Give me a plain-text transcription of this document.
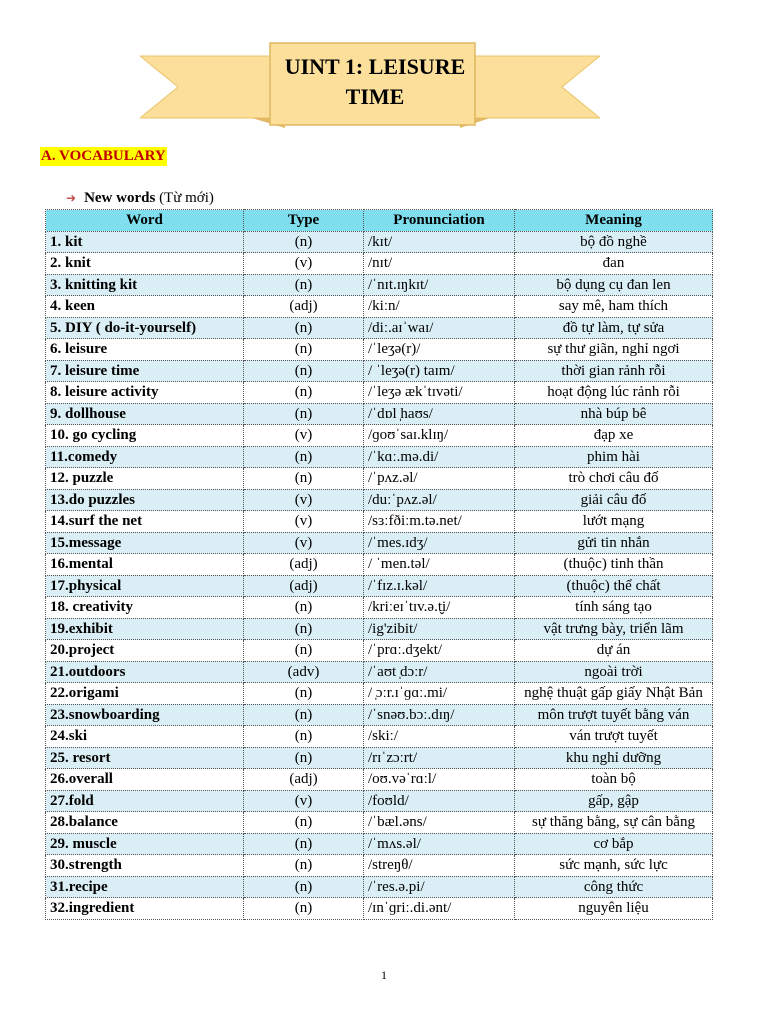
UINT 1: LEISURE
TIME
A. VOCABULARY
➜ New words (Từ mới)
Word	Type	Pronunciation	Meaning
1. kit	(n)	/kɪt/	bộ đồ nghề
2. knit	(v)	/nɪt/	đan
3. knitting kit	(n)	/ˈnɪt.ɪŋkɪt/	bộ dụng cụ đan len
4. keen	(adj)	/kiːn/	say mê, ham thích
5. DIY ( do-it-yourself)	(n)	/diː.aɪˈwaɪ/	đồ tự làm, tự sửa
6. leisure	(n)	/ˈleʒə(r)/	sự thư giãn, nghỉ ngơi
7. leisure time	(n)	/ ˈleʒə(r) taɪm/	thời gian rảnh rỗi
8. leisure activity	(n)	/ˈleʒə ækˈtɪvəti/	hoạt động lúc rảnh rỗi
9. dollhouse	(n)	/ˈdɒl ̩haʊs/	nhà búp bê
10. go cycling	(v)	/ɡoʊˈsaɪ.klɪŋ/	đạp xe
11.comedy	(n)	/ˈkɑː.mə.di/	phim hài
12. puzzle	(n)	/ˈpʌz.əl/	trò chơi câu đố
13.do puzzles	(v)	/duːˈpʌz.əl/	giải câu đố
14.surf the net	(v)	/sɜːfðiːm.tə.net/	lướt mạng
15.message	(v)	/ˈmes.ɪdʒ/	gửi tin nhắn
16.mental	(adj)	/ ˈmen.təl/	(thuộc) tinh thần
17.physical	(adj)	/ˈfɪz.ɪ.kəl/	(thuộc) thể chất
18. creativity	(n)	/kriːeɪˈtɪv.ə.t̬i/	tính sáng tạo
19.exhibit	(n)	/ig'zibit/	vật trưng bày, triển lãm
20.project	(n)	/ˈprɑː.dʒekt/	dự án
21.outdoors	(adv)	/ˈaʊt ̩dɔːr/	ngoài trời
22.origami	(n)	/ ̩ɔːr.ɪˈɡɑː.mi/	nghệ thuật gấp giấy Nhật Bản
23.snowboarding	(n)	/ˈsnəʊ.bɔː.dɪŋ/	môn trượt tuyết bằng ván
24.ski	(n)	/skiː/	ván trượt tuyết
25. resort	(n)	/rɪˈzɔːrt/	khu nghỉ dưỡng
26.overall	(adj)	/oʊ.vəˈrɑːl/	toàn bộ
27.fold	(v)	/foʊld/	gấp, gập
28.balance	(n)	/ˈbæl.əns/	sự thăng bằng, sự cân bằng
29. muscle	(n)	/ˈmʌs.əl/	cơ bắp
30.strength	(n)	/streŋθ/	sức mạnh, sức lực
31.recipe	(n)	/ˈres.ə.pi/	công thức
32.ingredient	(n)	/ɪnˈɡriː.di.ənt/	nguyên liệu
1
